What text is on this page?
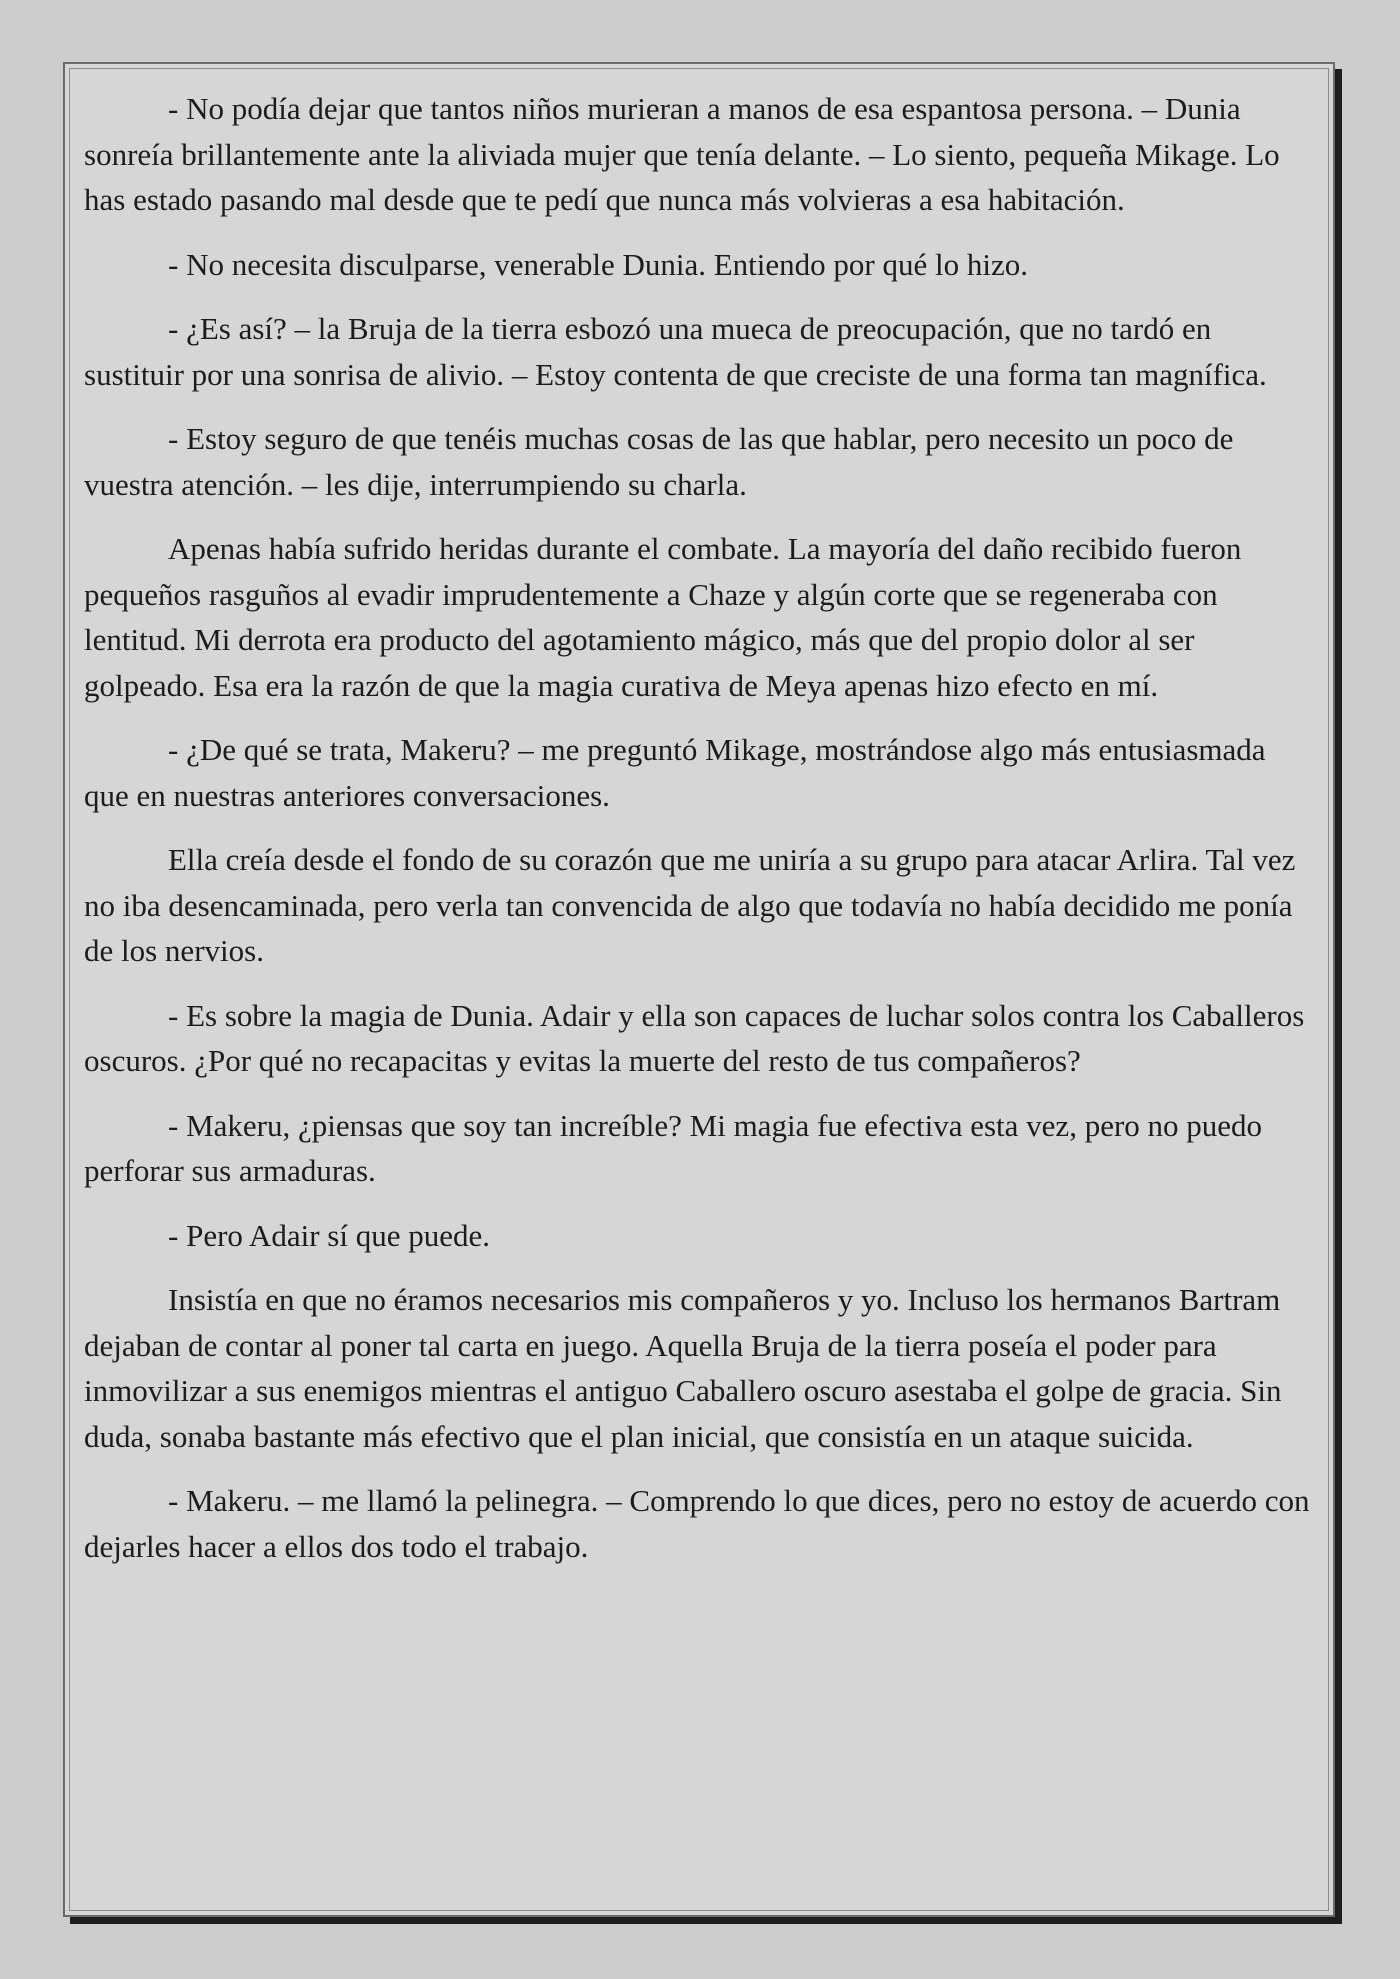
- No podía dejar que tantos niños murieran a manos de esa espantosa persona. – Dunia sonreía brillantemente ante la aliviada mujer que tenía delante. – Lo siento, pequeña Mikage. Lo has estado pasando mal desde que te pedí que nunca más volvieras a esa habitación.

- No necesita disculparse, venerable Dunia. Entiendo por qué lo hizo.

- ¿Es así? – la Bruja de la tierra esbozó una mueca de preocupación, que no tardó en sustituir por una sonrisa de alivio. – Estoy contenta de que creciste de una forma tan magnífica.

- Estoy seguro de que tenéis muchas cosas de las que hablar, pero necesito un poco de vuestra atención. – les dije, interrumpiendo su charla.

Apenas había sufrido heridas durante el combate. La mayoría del daño recibido fueron pequeños rasguños al evadir imprudentemente a Chaze y algún corte que se regeneraba con lentitud. Mi derrota era producto del agotamiento mágico, más que del propio dolor al ser golpeado. Esa era la razón de que la magia curativa de Meya apenas hizo efecto en mí.

- ¿De qué se trata, Makeru? – me preguntó Mikage, mostrándose algo más entusiasmada que en nuestras anteriores conversaciones.

Ella creía desde el fondo de su corazón que me uniría a su grupo para atacar Arlira. Tal vez no iba desencaminada, pero verla tan convencida de algo que todavía no había decidido me ponía de los nervios.

- Es sobre la magia de Dunia. Adair y ella son capaces de luchar solos contra los Caballeros oscuros. ¿Por qué no recapacitas y evitas la muerte del resto de tus compañeros?

- Makeru, ¿piensas que soy tan increíble? Mi magia fue efectiva esta vez, pero no puedo perforar sus armaduras.

- Pero Adair sí que puede.

Insistía en que no éramos necesarios mis compañeros y yo. Incluso los hermanos Bartram dejaban de contar al poner tal carta en juego. Aquella Bruja de la tierra poseía el poder para inmovilizar a sus enemigos mientras el antiguo Caballero oscuro asestaba el golpe de gracia. Sin duda, sonaba bastante más efectivo que el plan inicial, que consistía en un ataque suicida.

- Makeru. – me llamó la pelinegra. – Comprendo lo que dices, pero no estoy de acuerdo con dejarles hacer a ellos dos todo el trabajo.
